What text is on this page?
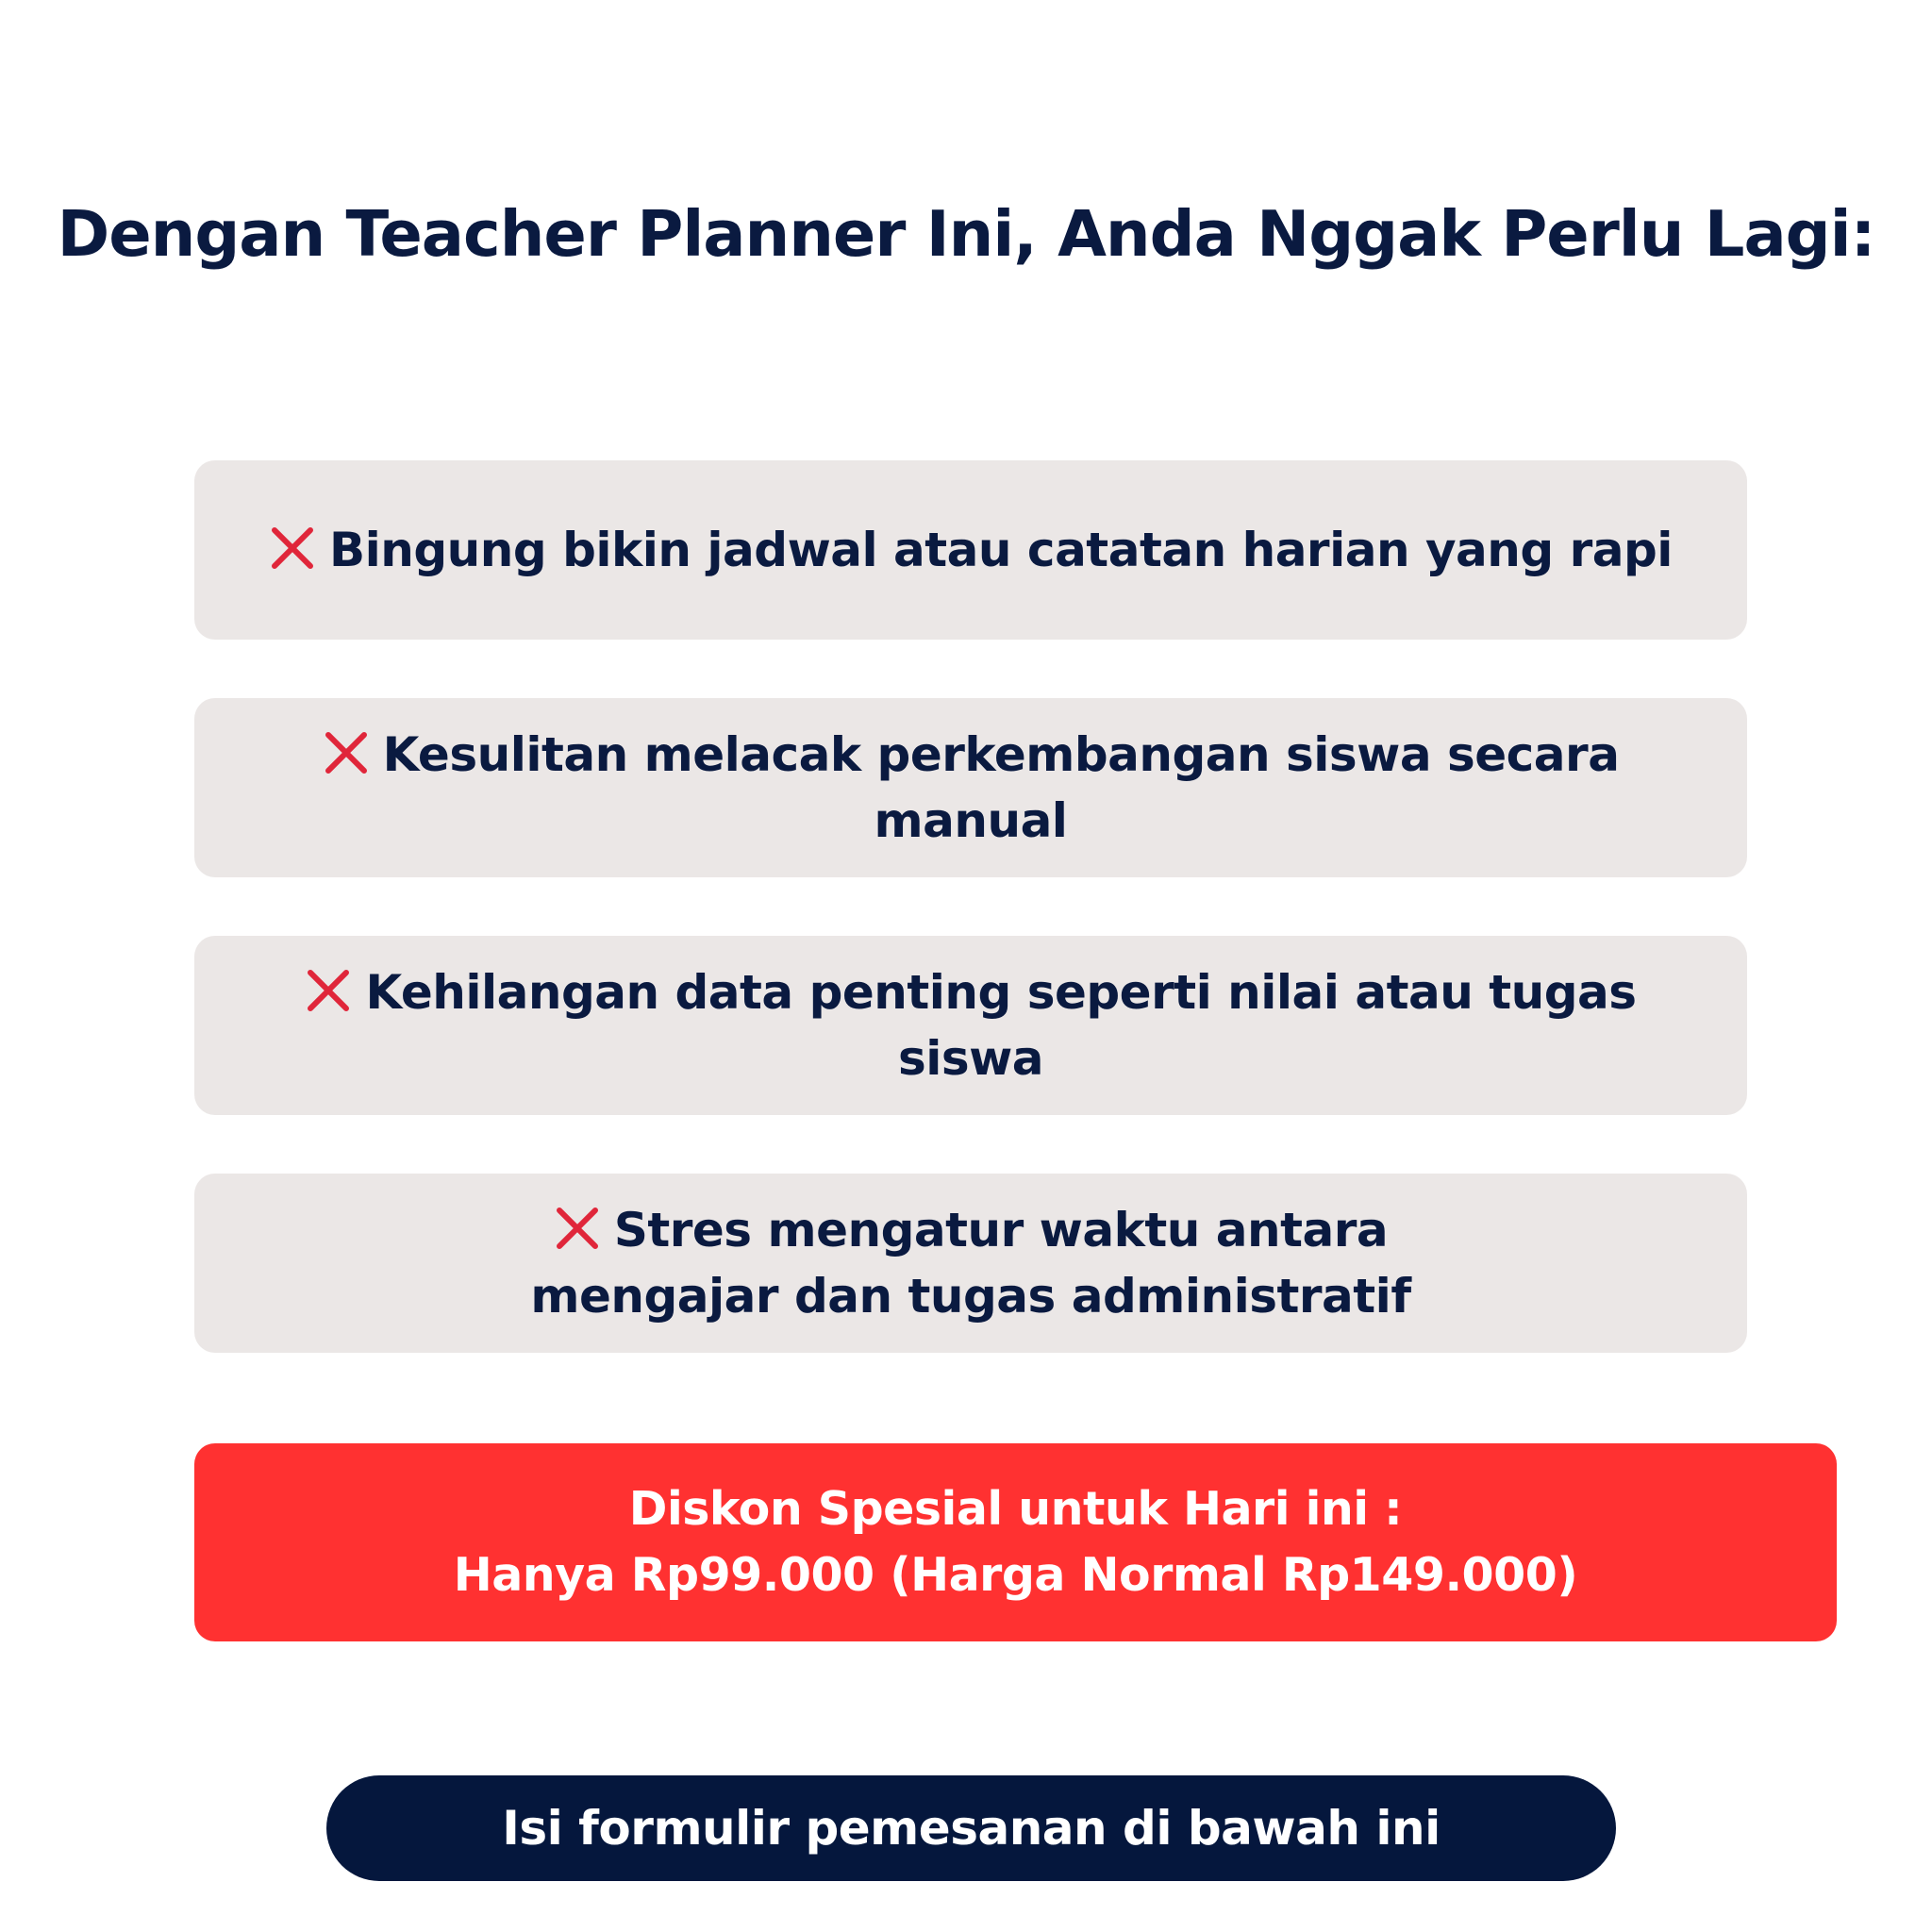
Dengan Teacher Planner Ini, Anda Nggak Perlu Lagi:
Bingung bikin jadwal atau catatan harian yang rapi
Kesulitan melacak perkembangan siswa secara manual
Kehilangan data penting seperti nilai atau tugas siswa
Stres mengatur waktu antara mengajar dan tugas administratif
Diskon Spesial untuk Hari ini :
Hanya Rp99.000 (Harga Normal Rp149.000)
Isi formulir pemesanan di bawah ini
